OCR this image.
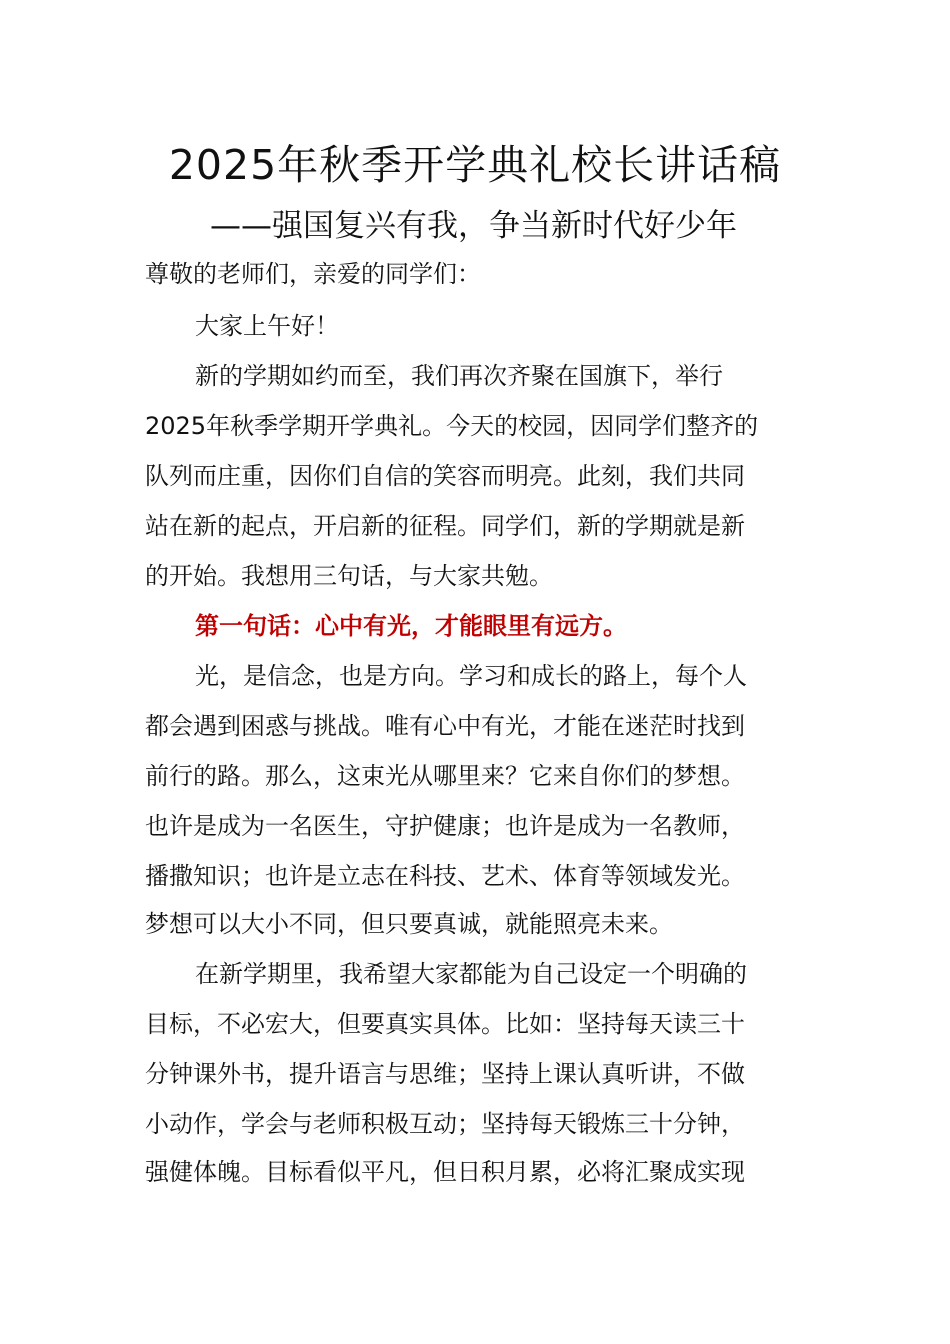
2025年秋季开学典礼校长讲话稿
——强国复兴有我，争当新时代好少年
尊敬的老师们，亲爱的同学们：
大家上午好！
新的学期如约而至，我们再次齐聚在国旗下，举行
2025年秋季学期开学典礼。今天的校园，因同学们整齐的
队列而庄重，因你们自信的笑容而明亮。此刻，我们共同
站在新的起点，开启新的征程。同学们，新的学期就是新
的开始。我想用三句话，与大家共勉。
第一句话：心中有光，才能眼里有远方。
光，是信念，也是方向。学习和成长的路上，每个人
都会遇到困惑与挑战。唯有心中有光，才能在迷茫时找到
前行的路。那么，这束光从哪里来？它来自你们的梦想。
也许是成为一名医生，守护健康；也许是成为一名教师，
播撒知识；也许是立志在科技、艺术、体育等领域发光。
梦想可以大小不同，但只要真诚，就能照亮未来。
在新学期里，我希望大家都能为自己设定一个明确的
目标，不必宏大，但要真实具体。比如：坚持每天读三十
分钟课外书，提升语言与思维；坚持上课认真听讲，不做
小动作，学会与老师积极互动；坚持每天锻炼三十分钟，
强健体魄。目标看似平凡，但日积月累，必将汇聚成实现
